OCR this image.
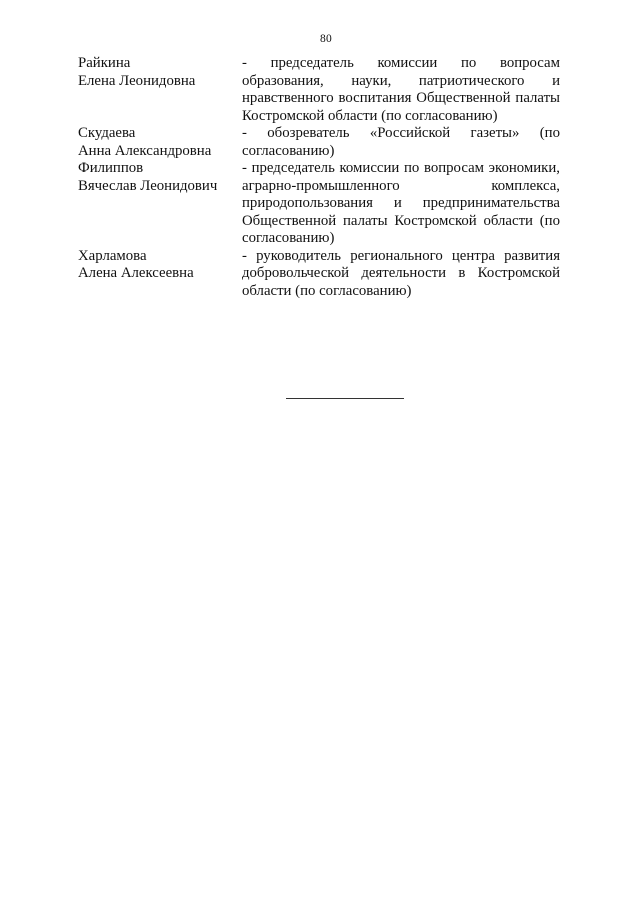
80
Райкина
Елена Леонидовна
- председатель комиссии по вопросам образования, науки, патриотического и нравственного воспитания Общественной палаты Костромской области (по согласованию)
Скудаева
Анна Александровна
- обозреватель «Российской газеты» (по согласованию)
Филиппов
Вячеслав Леонидович
- председатель комиссии по вопросам экономики, аграрно-промышленного комплекса, природопользования и предпринимательства Общественной палаты Костромской области (по согласованию)
Харламова
Алена Алексеевна
- руководитель регионального центра развития добровольческой деятельности в Костромской области (по согласованию)
